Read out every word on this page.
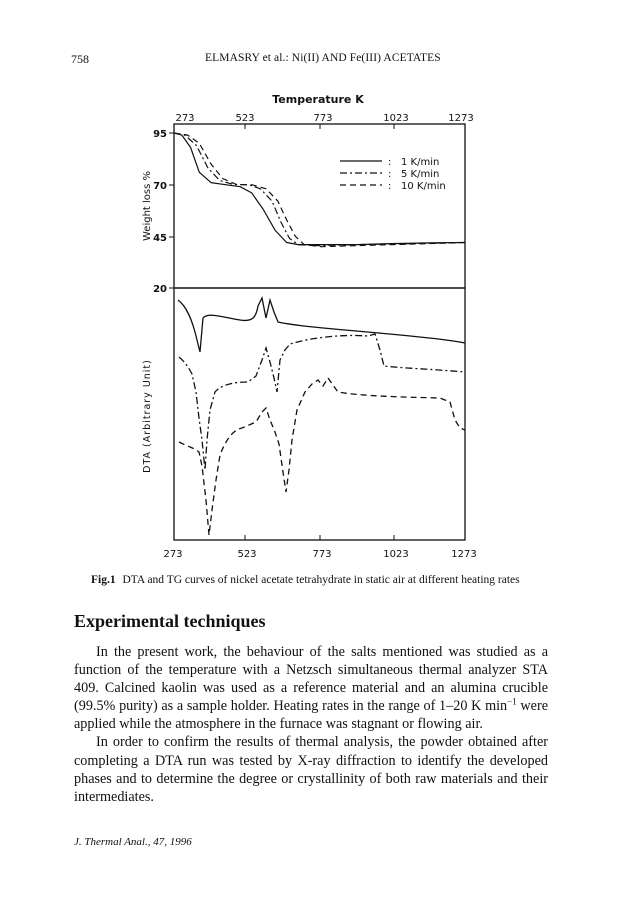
758	ELMASRY et al.: Ni(II) AND Fe(III) ACETATES
Temperature K
273	523	773	1023	1273
95
70
45
20
Weight loss %
DTA (Arbitrary Unit)
:
:
:
1 K/min
5 K/min
10 K/min
273	523	773	1023	1273
Fig.1 DTA and TG curves of nickel acetate tetrahydrate in static air at different heating rates
Experimental techniques

In the present work, the behaviour of the salts mentioned was studied as a function of the temperature with a Netzsch simultaneous thermal analyzer STA 409. Calcined kaolin was used as a reference material and an alumina crucible (99.5% purity) as a sample holder. Heating rates in the range of 1–20 K $\min^{-1}$ were applied while the atmosphere in the furnace was stagnant or flowing air.

In order to confirm the results of thermal analysis, the powder obtained after completing a DTA run was tested by X-ray diffraction to identify the developed phases and to determine the degree or crystallinity of both raw materials and their intermediates.

J. Thermal Anal., 47, 1996
